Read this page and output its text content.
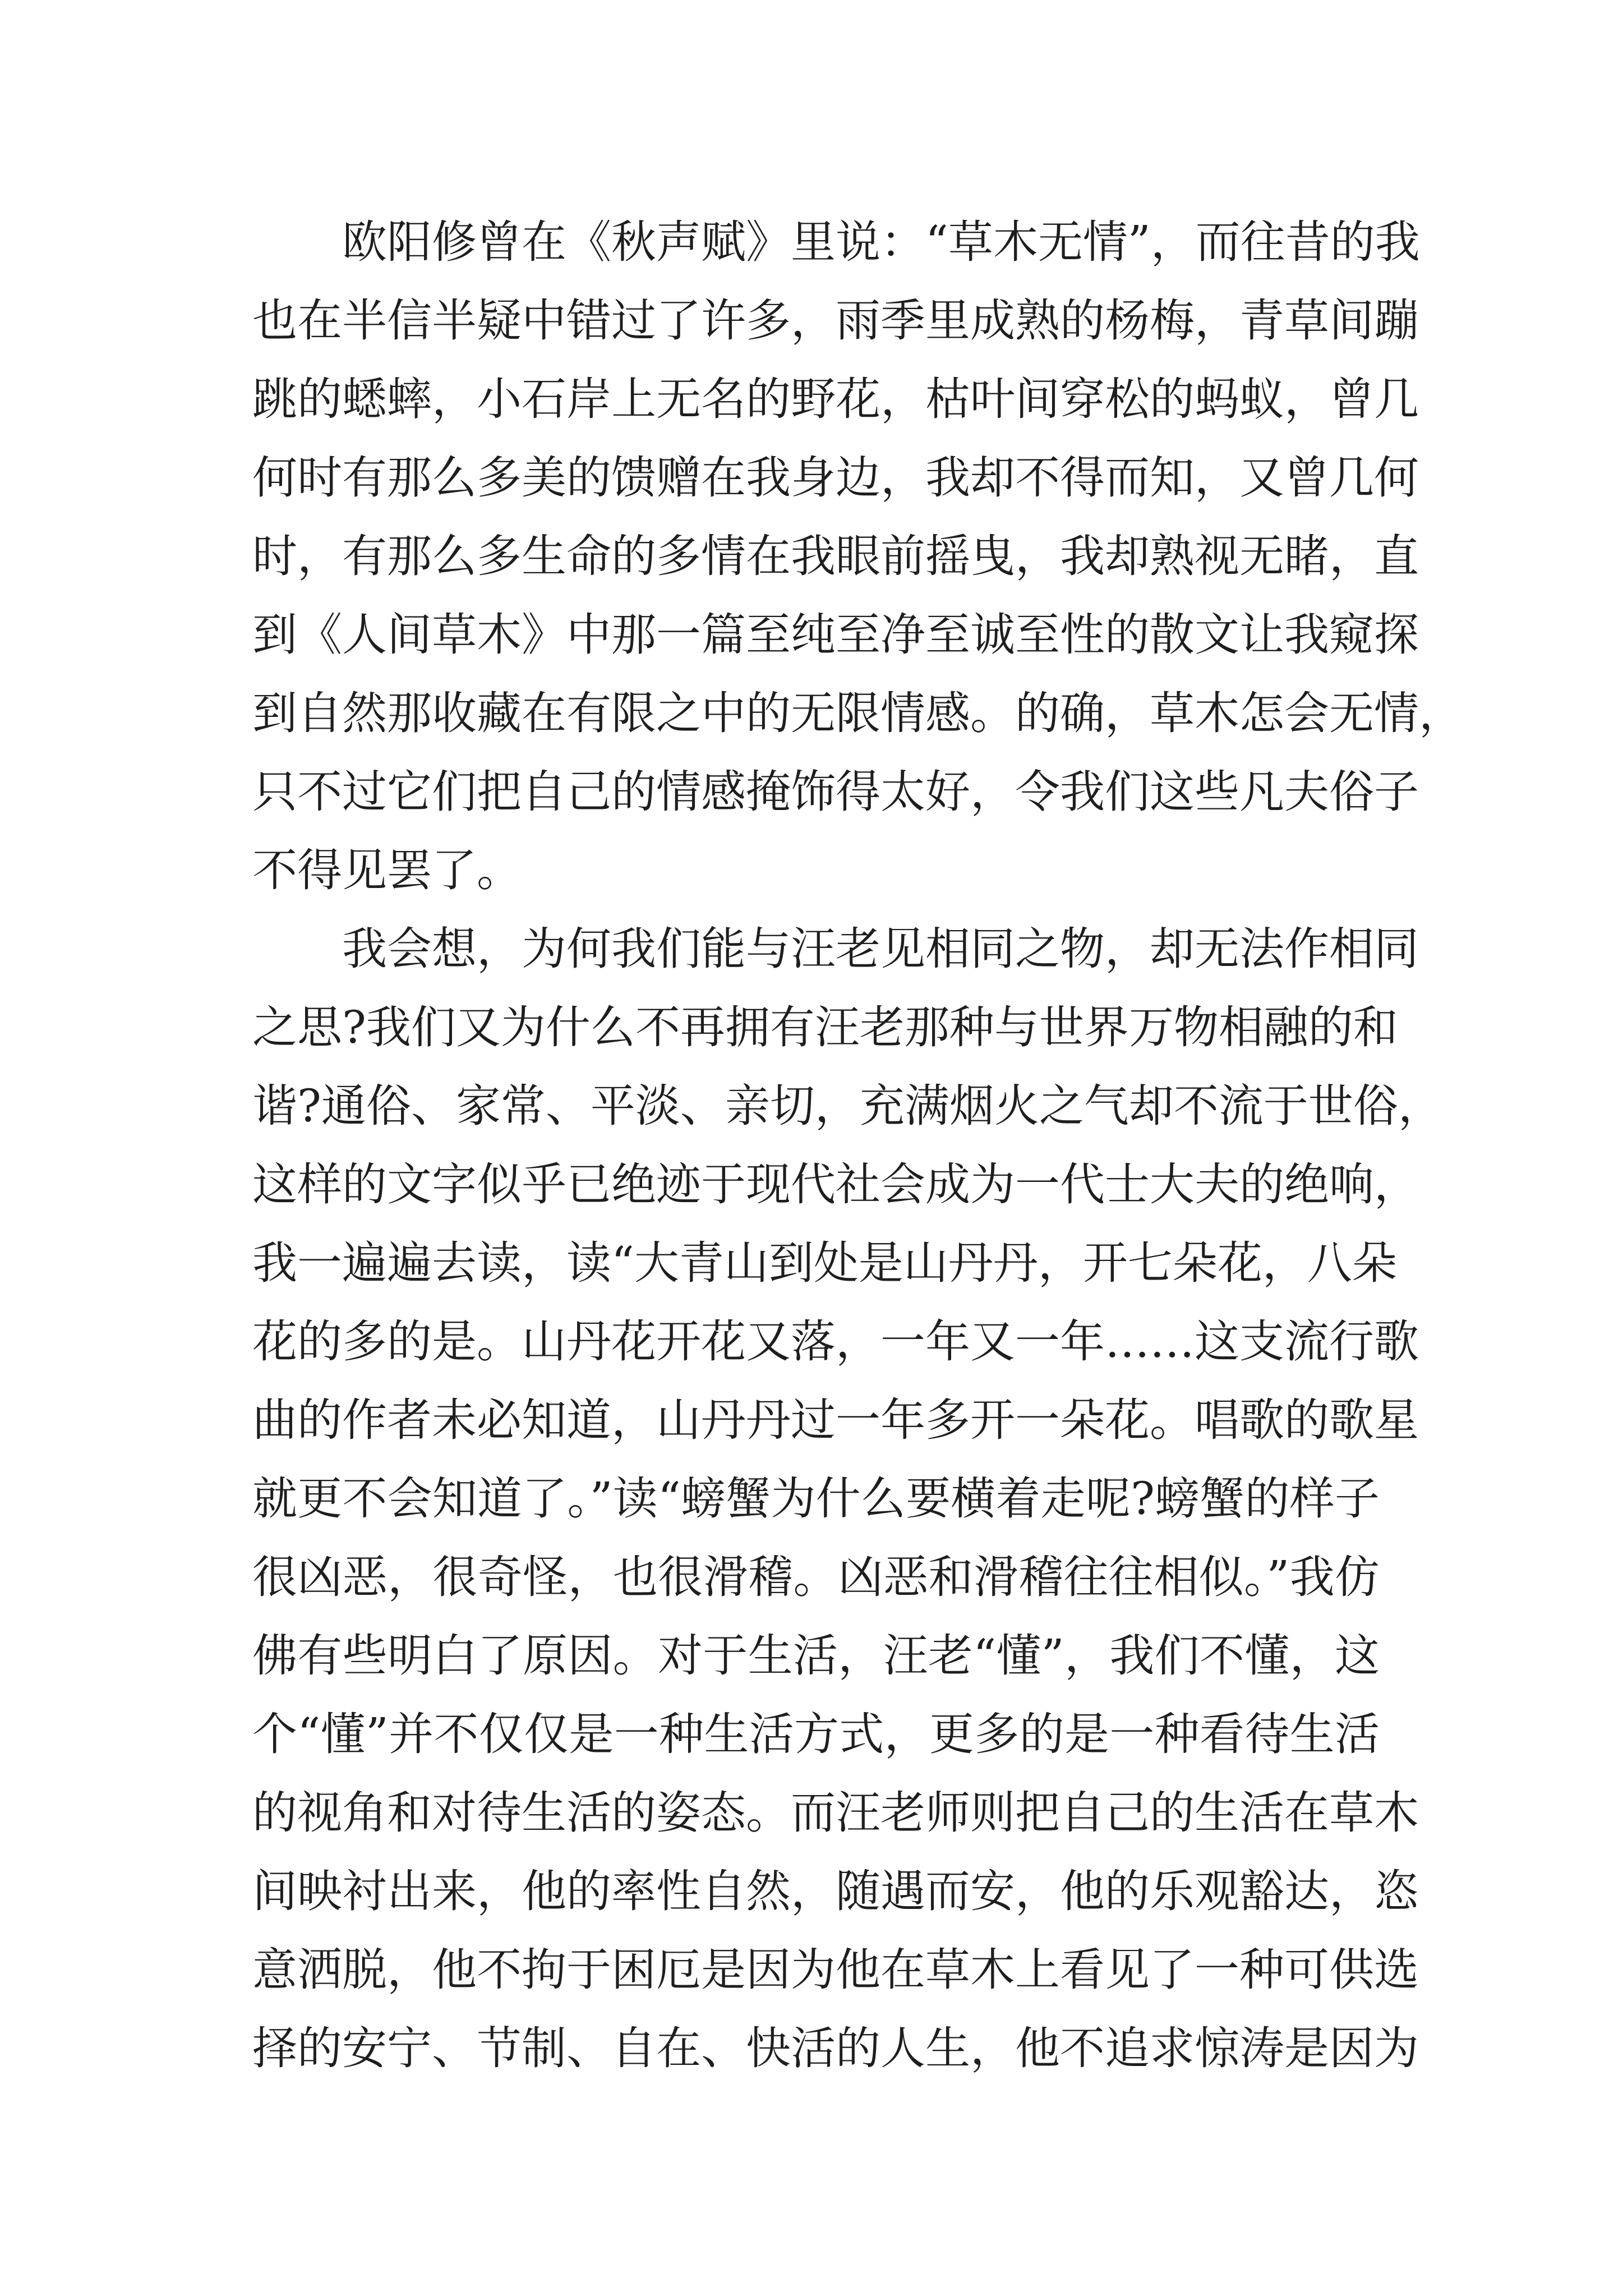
欧阳修曾在《秋声赋》里说：“草木无情”，而往昔的我
也在半信半疑中错过了许多，雨季里成熟的杨梅，青草间蹦
跳的蟋蟀，小石岸上无名的野花，枯叶间穿松的蚂蚁，曾几
何时有那么多美的馈赠在我身边，我却不得而知，又曾几何
时，有那么多生命的多情在我眼前摇曳，我却熟视无睹，直
到《人间草木》中那一篇至纯至净至诚至性的散文让我窥探
到自然那收藏在有限之中的无限情感。的确，草木怎会无情，
只不过它们把自己的情感掩饰得太好，令我们这些凡夫俗子
不得见罢了。
我会想，为何我们能与汪老见相同之物，却无法作相同
之思?我们又为什么不再拥有汪老那种与世界万物相融的和
谐?通俗、家常、平淡、亲切，充满烟火之气却不流于世俗，
这样的文字似乎已绝迹于现代社会成为一代士大夫的绝响，
我一遍遍去读，读“大青山到处是山丹丹，开七朵花，八朵
花的多的是。山丹花开花又落，一年又一年……这支流行歌
曲的作者未必知道，山丹丹过一年多开一朵花。唱歌的歌星
就更不会知道了。”读“螃蟹为什么要横着走呢?螃蟹的样子
很凶恶，很奇怪，也很滑稽。凶恶和滑稽往往相似。”我仿
佛有些明白了原因。对于生活，汪老“懂”，我们不懂，这
个“懂”并不仅仅是一种生活方式，更多的是一种看待生活
的视角和对待生活的姿态。而汪老师则把自己的生活在草木
间映衬出来，他的率性自然，随遇而安，他的乐观豁达，恣
意洒脱，他不拘于困厄是因为他在草木上看见了一种可供选
择的安宁、节制、自在、快活的人生，他不追求惊涛是因为
